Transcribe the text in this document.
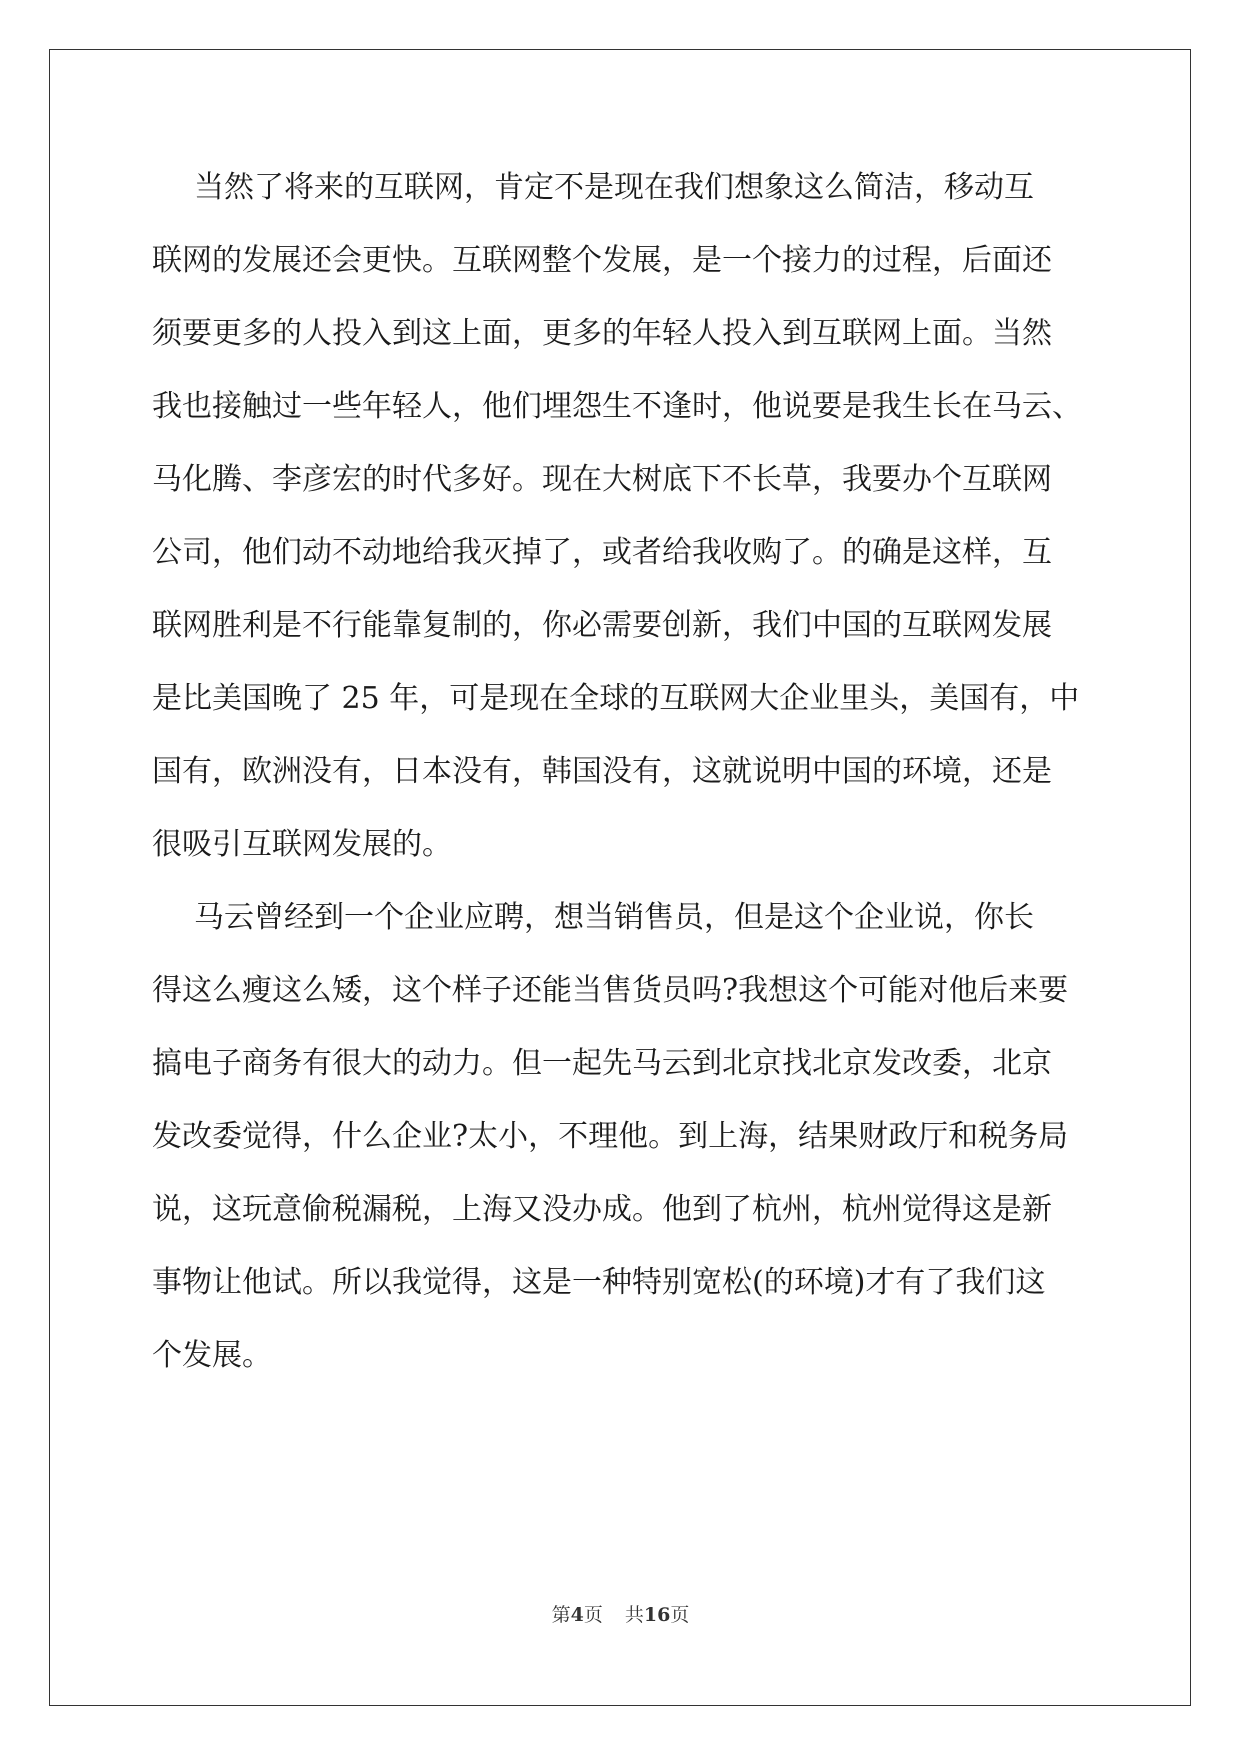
当然了将来的互联网，肯定不是现在我们想象这么简洁，移动互
联网的发展还会更快。互联网整个发展，是一个接力的过程，后面还
须要更多的人投入到这上面，更多的年轻人投入到互联网上面。当然
我也接触过一些年轻人，他们埋怨生不逢时，他说要是我生长在马云、
马化腾、李彦宏的时代多好。现在大树底下不长草，我要办个互联网
公司，他们动不动地给我灭掉了，或者给我收购了。的确是这样，互
联网胜利是不行能靠复制的，你必需要创新，我们中国的互联网发展
是比美国晚了 25 年，可是现在全球的互联网大企业里头，美国有，中
国有，欧洲没有，日本没有，韩国没有，这就说明中国的环境，还是
很吸引互联网发展的。
马云曾经到一个企业应聘，想当销售员，但是这个企业说，你长
得这么瘦这么矮，这个样子还能当售货员吗?我想这个可能对他后来要
搞电子商务有很大的动力。但一起先马云到北京找北京发改委，北京
发改委觉得，什么企业?太小，不理他。到上海，结果财政厅和税务局
说，这玩意偷税漏税，上海又没办成。他到了杭州，杭州觉得这是新
事物让他试。所以我觉得，这是一种特别宽松(的环境)才有了我们这
个发展。
第4页 共16页
